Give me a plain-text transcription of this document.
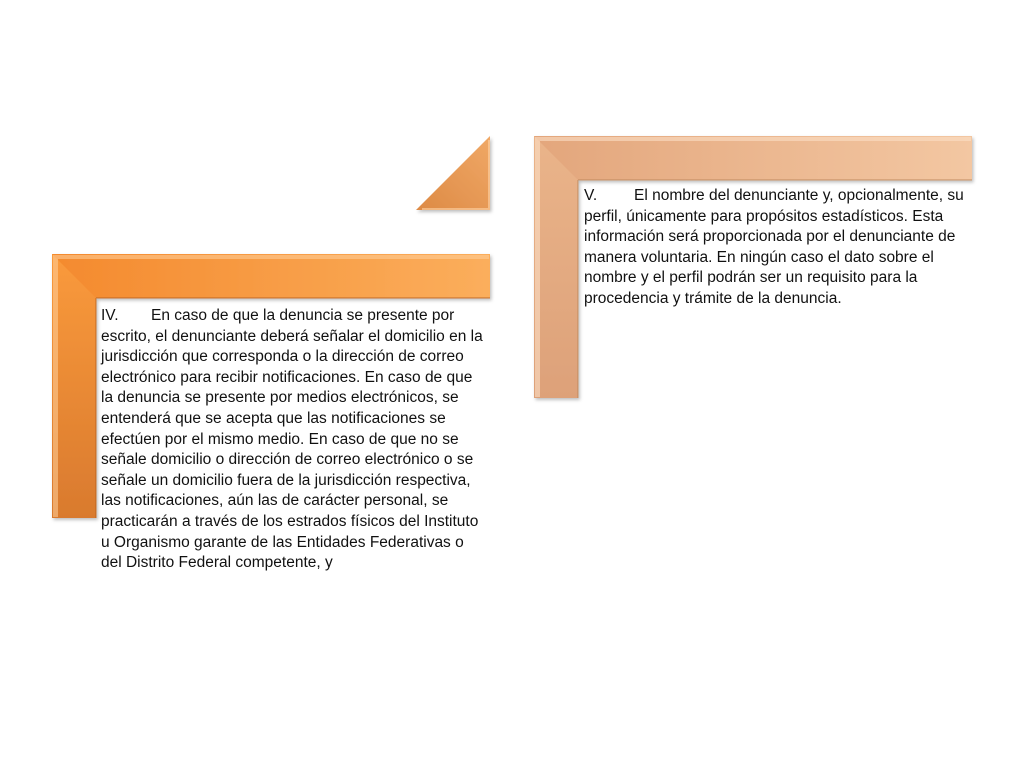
IV. En caso de que la denuncia se presente por escrito, el denunciante deberá señalar el domicilio en la jurisdicción que corresponda o la dirección de correo electrónico para recibir notificaciones. En caso de que la denuncia se presente por medios electrónicos, se entenderá que se acepta que las notificaciones se efectúen por el mismo medio. En caso de que no se señale domicilio o dirección de correo electrónico o se señale un domicilio fuera de la jurisdicción respectiva, las notificaciones, aún las de carácter personal, se practicarán a través de los estrados físicos del Instituto u Organismo garante de las Entidades Federativas o del Distrito Federal competente, y

V. El nombre del denunciante y, opcionalmente, su perfil, únicamente para propósitos estadísticos. Esta información será proporcionada por el denunciante de manera voluntaria. En ningún caso el dato sobre el nombre y el perfil podrán ser un requisito para la procedencia y trámite de la denuncia.
